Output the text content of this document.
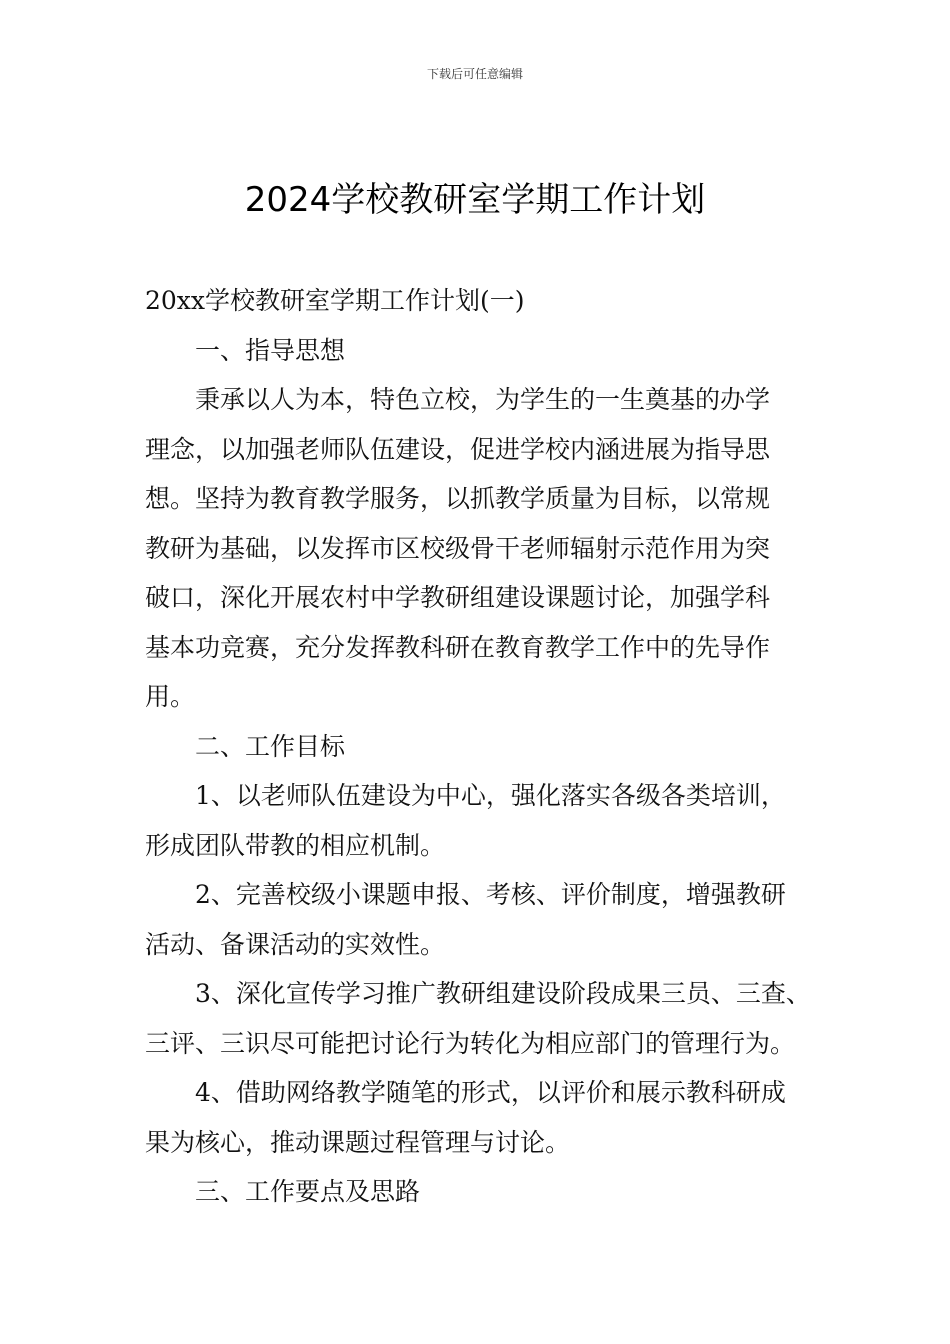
下载后可任意编辑
2024学校教研室学期工作计划

20xx学校教研室学期工作计划(一)

一、指导思想

秉承以人为本，特色立校，为学生的一生奠基的办学

理念，以加强老师队伍建设，促进学校内涵进展为指导思

想。坚持为教育教学服务，以抓教学质量为目标，以常规

教研为基础，以发挥市区校级骨干老师辐射示范作用为突

破口，深化开展农村中学教研组建设课题讨论，加强学科

基本功竞赛，充分发挥教科研在教育教学工作中的先导作

用。

二、工作目标

1、以老师队伍建设为中心，强化落实各级各类培训，

形成团队带教的相应机制。

2、完善校级小课题申报、考核、评价制度，增强教研

活动、备课活动的实效性。

3、深化宣传学习推广教研组建设阶段成果三员、三查、

三评、三识尽可能把讨论行为转化为相应部门的管理行为。

4、借助网络教学随笔的形式，以评价和展示教科研成

果为核心，推动课题过程管理与讨论。

三、工作要点及思路
